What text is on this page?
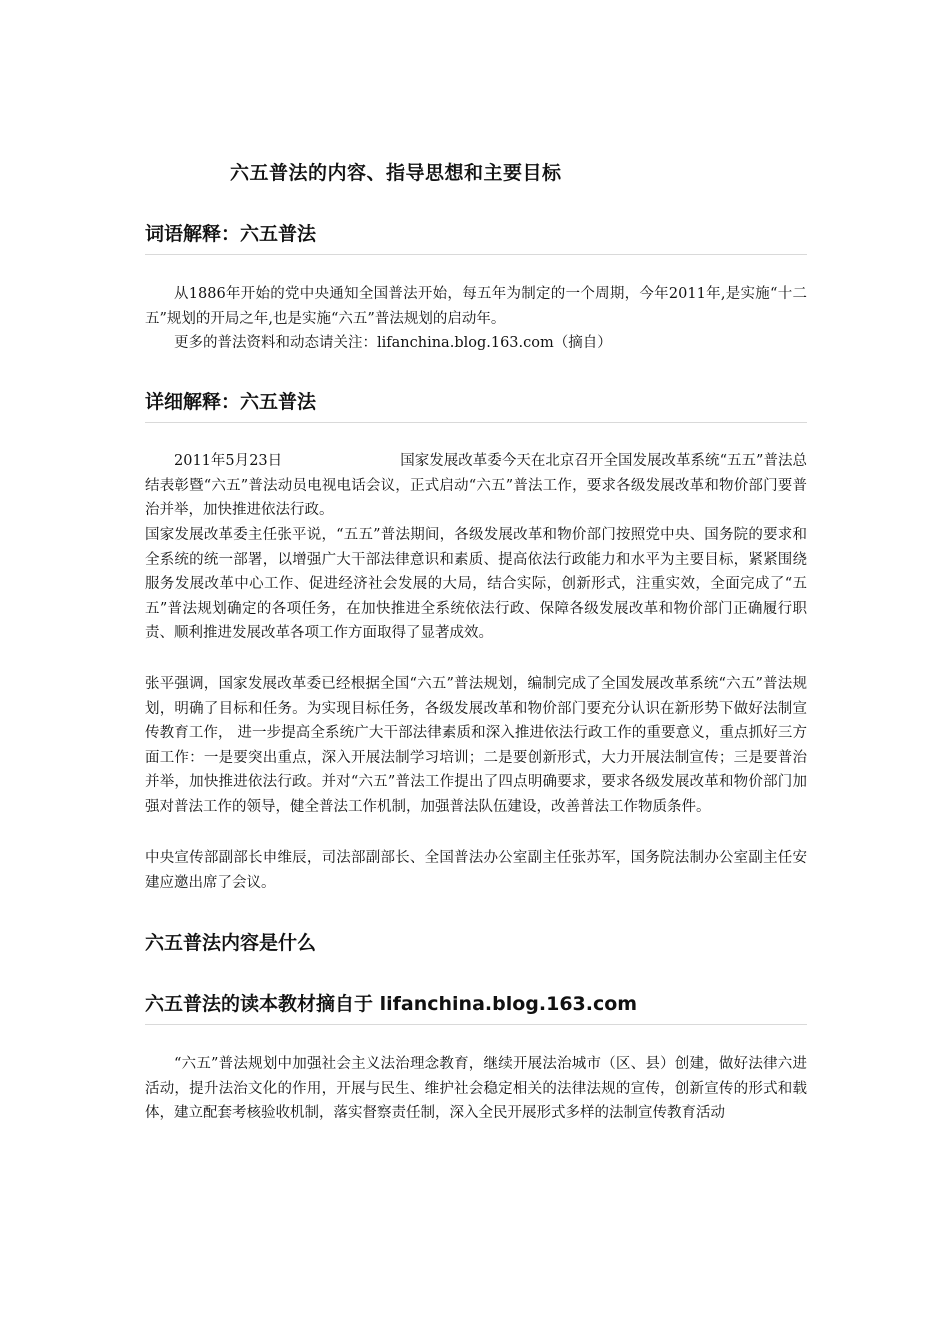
六五普法的内容、指导思想和主要目标
词语解释：六五普法

从1886年开始的党中央通知全国普法开始，每五年为制定的一个周期，今年2011年,是实施“十二五”规划的开局之年,也是实施“六五”普法规划的启动年。

更多的普法资料和动态请关注：lifanchina.blog.163.com（摘自）

详细解释：六五普法

2011年5月23日	国家发展改革委今天在北京召开全国发展改革系统“五五”普法总结表彰暨“六五”普法动员电视电话会议，正式启动“六五”普法工作，要求各级发展改革和物价部门要普治并举，加快推进依法行政。

国家发展改革委主任张平说，“五五”普法期间，各级发展改革和物价部门按照党中央、国务院的要求和全系统的统一部署，以增强广大干部法律意识和素质、提高依法行政能力和水平为主要目标，紧紧围绕服务发展改革中心工作、促进经济社会发展的大局，结合实际，创新形式，注重实效，全面完成了“五五”普法规划确定的各项任务，在加快推进全系统依法行政、保障各级发展改革和物价部门正确履行职责、顺利推进发展改革各项工作方面取得了显著成效。

张平强调，国家发展改革委已经根据全国“六五”普法规划，编制完成了全国发展改革系统“六五”普法规划，明确了目标和任务。为实现目标任务，各级发展改革和物价部门要充分认识在新形势下做好法制宣传教育工作， 进一步提高全系统广大干部法律素质和深入推进依法行政工作的重要意义，重点抓好三方面工作：一是要突出重点，深入开展法制学习培训；二是要创新形式，大力开展法制宣传；三是要普治并举，加快推进依法行政。并对“六五”普法工作提出了四点明确要求，要求各级发展改革和物价部门加强对普法工作的领导，健全普法工作机制，加强普法队伍建设，改善普法工作物质条件。

中央宣传部副部长申维辰，司法部副部长、全国普法办公室副主任张苏军，国务院法制办公室副主任安建应邀出席了会议。

六五普法内容是什么
六五普法的读本教材摘自于 lifanchina.blog.163.com

“六五”普法规划中加强社会主义法治理念教育，继续开展法治城市（区、县）创建，做好法律六进活动，提升法治文化的作用，开展与民生、维护社会稳定相关的法律法规的宣传，创新宣传的形式和载体，建立配套考核验收机制，落实督察责任制，深入全民开展形式多样的法制宣传教育活动
